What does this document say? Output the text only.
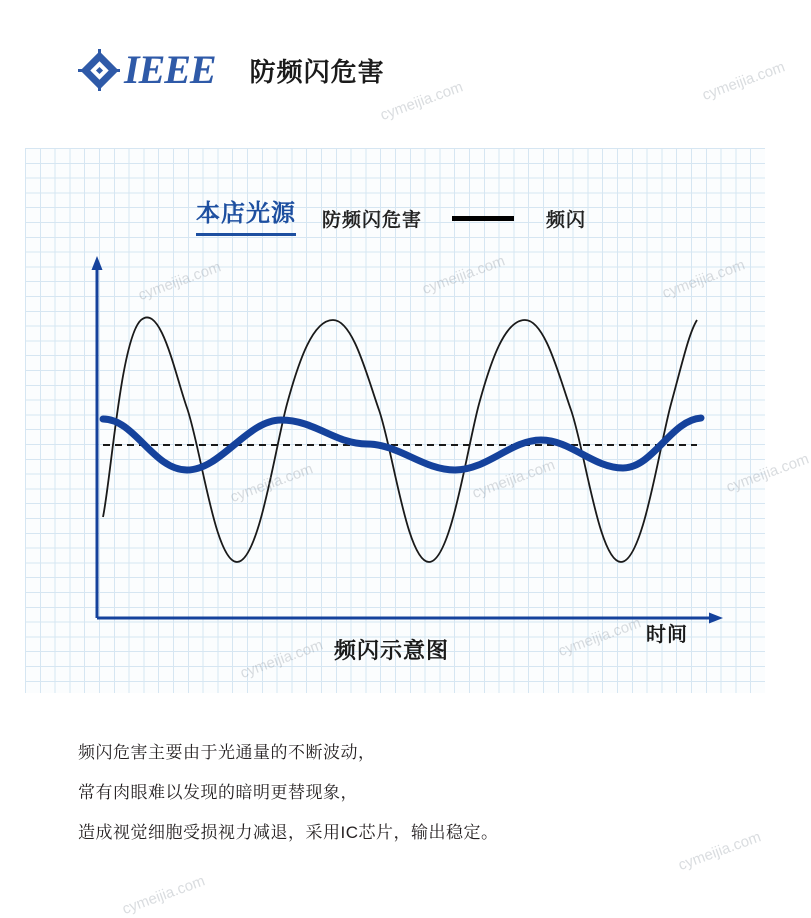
IEEE 防频闪危害
本店光源 防频闪危害	频闪
时间
频闪示意图

频闪危害主要由于光通量的不断波动，

常有肉眼难以发现的暗明更替现象，

造成视觉细胞受损视力减退，采用IC芯片，输出稳定。

cymeijia.com
cymeijia.com
cymeijia.com	cymeijia.com	cymeijia.com
cymeijia.com	cymeijia.com	cymeijia.com
cymeijia.com	cymeijia.com
cymeijia.com
cymeijia.com
